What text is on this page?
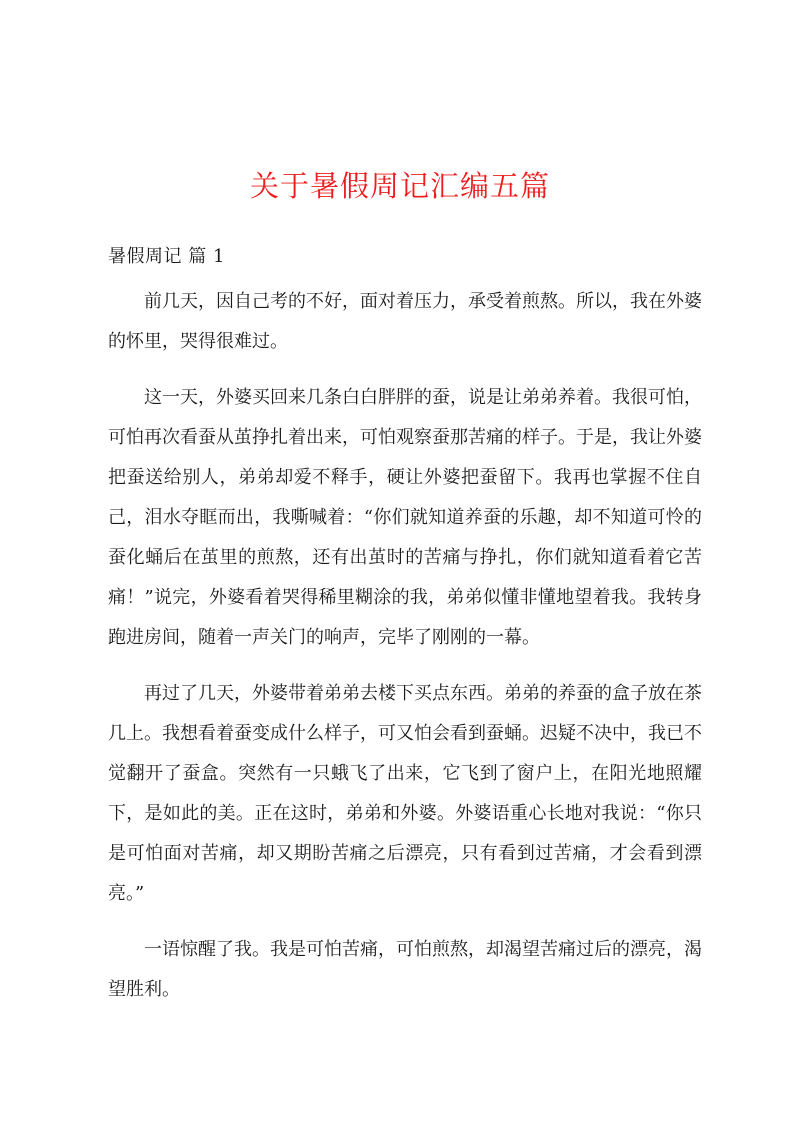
关于暑假周记汇编五篇

暑假周记 篇 1

前几天，因自己考的不好，面对着压力，承受着煎熬。所以，我在外婆的怀里，哭得很难过。

这一天，外婆买回来几条白白胖胖的蚕，说是让弟弟养着。我很可怕，可怕再次看蚕从茧挣扎着出来，可怕观察蚕那苦痛的样子。于是，我让外婆把蚕送给别人，弟弟却爱不释手，硬让外婆把蚕留下。我再也掌握不住自己，泪水夺眶而出，我嘶喊着：“你们就知道养蚕的乐趣，却不知道可怜的蚕化蛹后在茧里的煎熬，还有出茧时的苦痛与挣扎，你们就知道看着它苦痛！”说完，外婆看着哭得稀里糊涂的我，弟弟似懂非懂地望着我。我转身跑进房间，随着一声关门的响声，完毕了刚刚的一幕。

再过了几天，外婆带着弟弟去楼下买点东西。弟弟的养蚕的盒子放在茶几上。我想看着蚕变成什么样子，可又怕会看到蚕蛹。迟疑不决中，我已不觉翻开了蚕盒。突然有一只蛾飞了出来，它飞到了窗户上，在阳光地照耀下，是如此的美。正在这时，弟弟和外婆。外婆语重心长地对我说：“你只是可怕面对苦痛，却又期盼苦痛之后漂亮，只有看到过苦痛，才会看到漂亮。”

一语惊醒了我。我是可怕苦痛，可怕煎熬，却渴望苦痛过后的漂亮，渴望胜利。
